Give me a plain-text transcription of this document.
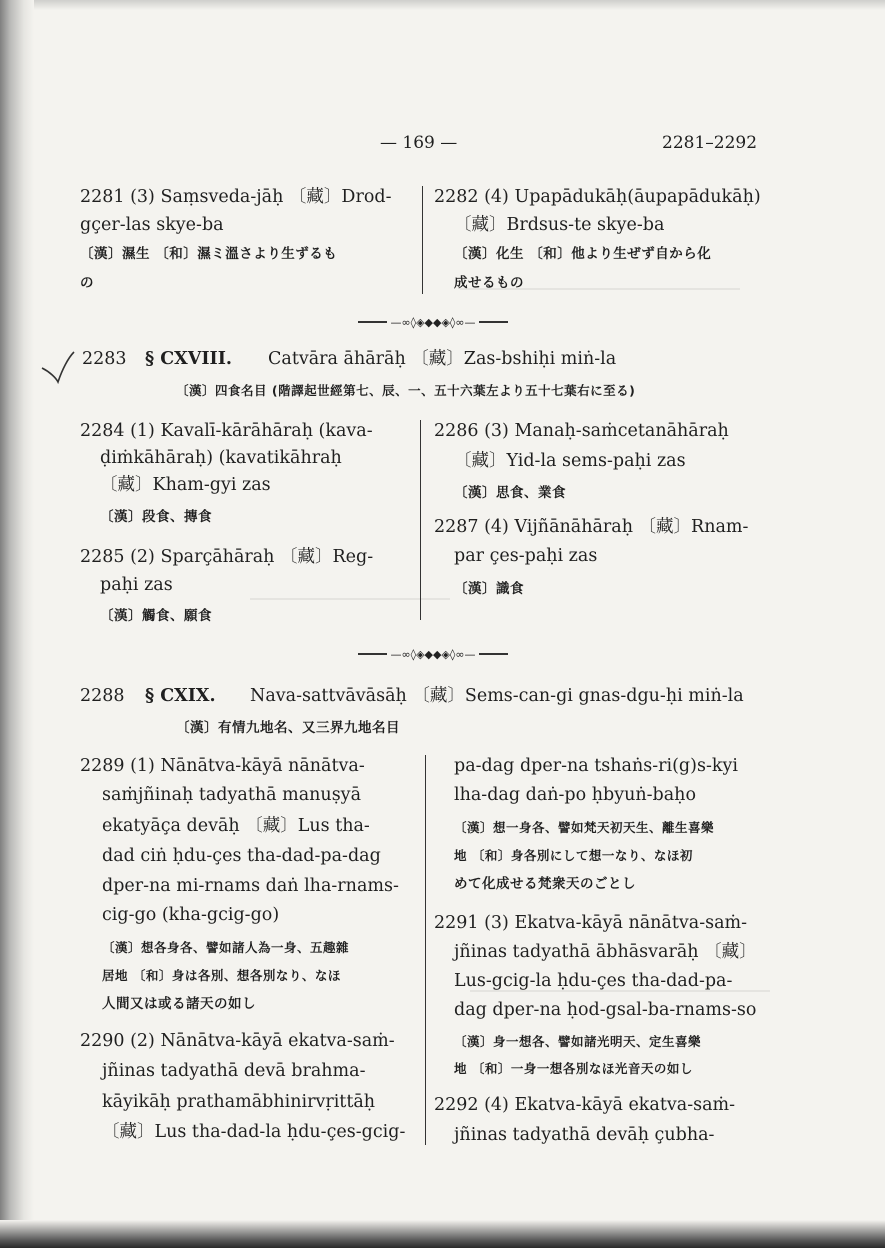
— 169 —	2281–2292
2281 (3) Saṃsveda-jāḥ 〔藏〕Drod-
gçer-las skye-ba
〔漢〕濕生 〔和〕濕ミ溫さより生ずるも
の
2282 (4) Upapādukāḥ(āupapādukāḥ)
〔藏〕Brdsus-te skye-ba
〔漢〕化生 〔和〕他より生ぜず自から化
成せるもの
—∞◊◈◆◆◈◊∞—
2283 § CXVIII. Catvāra āhārāḥ 〔藏〕Zas-bshiḥi miṅ-la
〔漢〕四食名目 (階譯起世經第七、辰、一、五十六葉左より五十七葉右に至る)
2284 (1) Kavalī-kārāhāraḥ (kava-
ḍiṁkāhāraḥ) (kavatikāhraḥ
〔藏〕Kham-gyi zas
〔漢〕段食、摶食
2285 (2) Sparçāhāraḥ 〔藏〕Reg-
paḥi zas
〔漢〕觸食、願食
2286 (3) Manaḥ-saṁcetanāhāraḥ
〔藏〕Yid-la sems-paḥi zas
〔漢〕思食、業食
2287 (4) Vijñānāhāraḥ 〔藏〕Rnam-
par çes-paḥi zas
〔漢〕識食
—∞◊◈◆◆◈◊∞—
2288 § CXIX. Nava-sattvāvāsāḥ 〔藏〕Sems-can-gi gnas-dgu-ḥi miṅ-la
〔漢〕有情九地名、又三界九地名目
2289 (1) Nānātva-kāyā nānātva-
saṁjñinaḥ tadyathā manuṣyā
ekatyāça devāḥ 〔藏〕Lus tha-
dad ciṅ ḥdu-çes tha-dad-pa-dag
dper-na mi-rnams daṅ lha-rnams-
cig-go (kha-gcig-go)
〔漢〕想各身各、譬如諸人為一身、五趣雜
居地 〔和〕身は各別、想各別なり、なほ
人間又は或る諸天の如し
2290 (2) Nānātva-kāyā ekatva-saṁ-
jñinas tadyathā devā brahma-
kāyikāḥ prathamābhinirvṛittāḥ
〔藏〕Lus tha-dad-la ḥdu-çes-gcig-
pa-dag dper-na tshaṅs-ri(g)s-kyi
lha-dag daṅ-po ḥbyuṅ-baḥo
〔漢〕想一身各、譬如梵天初天生、離生喜樂
地 〔和〕身各別にして想一なり、なほ初
めて化成せる梵衆天のごとし
2291 (3) Ekatva-kāyā nānātva-saṁ-
jñinas tadyathā ābhāsvarāḥ 〔藏〕
Lus-gcig-la ḥdu-çes tha-dad-pa-
dag dper-na ḥod-gsal-ba-rnams-so
〔漢〕身一想各、譬如諸光明天、定生喜樂
地 〔和〕一身一想各別なほ光音天の如し
2292 (4) Ekatva-kāyā ekatva-saṁ-
jñinas tadyathā devāḥ çubha-
